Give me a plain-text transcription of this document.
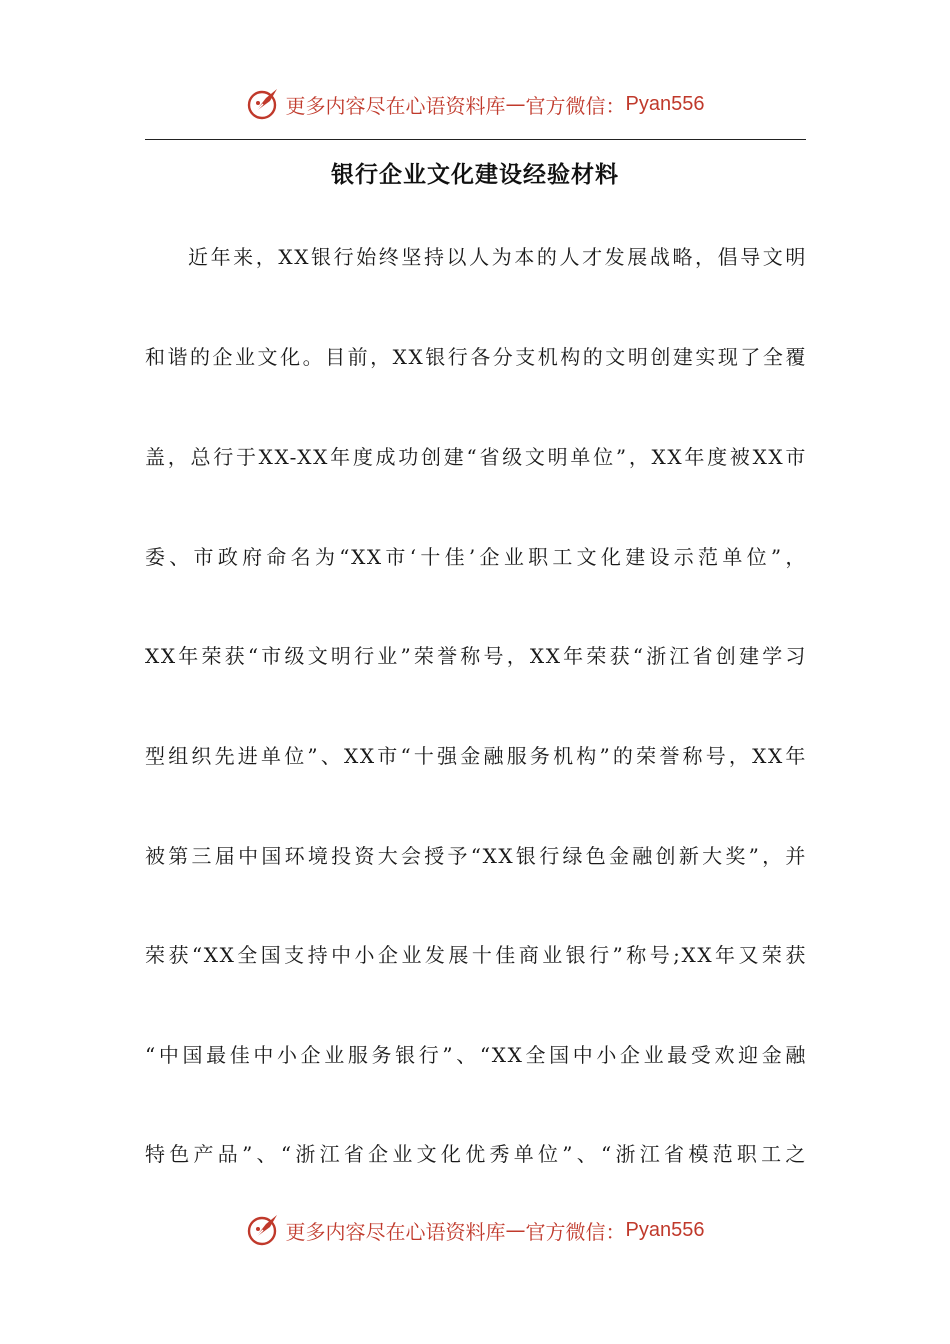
更多内容尽在心语资料库 — 官方微信： Pyan556
银行企业文化建设经验材料
近年来，XX银行始终坚持以人为本的人才发展战略，倡导文明
和谐的企业文化。目前，XX银行各分支机构的文明创建实现了全覆
盖，总行于XX-XX年度成功创建“省级文明单位”，XX年度被XX市
委、市政府命名为“XX市‘十佳’企业职工文化建设示范单位”，
XX年荣获“市级文明行业”荣誉称号，XX年荣获“浙江省创建学习
型组织先进单位”、XX市“十强金融服务机构”的荣誉称号，XX年
被第三届中国环境投资大会授予“XX银行绿色金融创新大奖”，并
荣获“XX全国支持中小企业发展十佳商业银行”称号;XX年又荣获
“中国最佳中小企业服务银行”、“XX全国中小企业最受欢迎金融
特色产品”、“浙江省企业文化优秀单位”、“浙江省模范职工之
更多内容尽在心语资料库 — 官方微信： Pyan556
